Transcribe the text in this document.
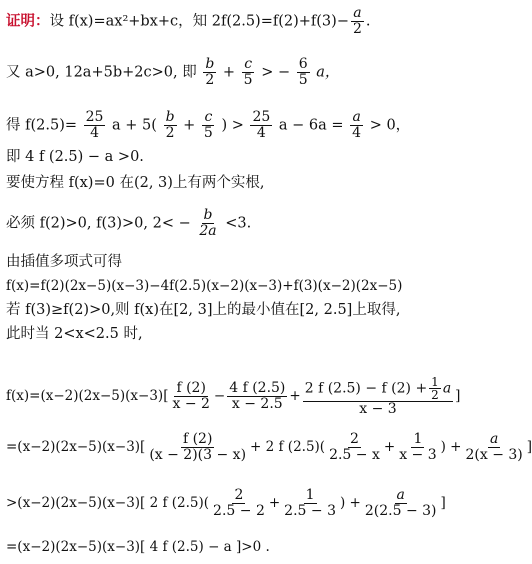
证明：设 f(x)=ax²+bx+c，知 $2f(2.5)=f(2)+f(3)- \frac{a}{2}$ .
又 a>0, 12a+5b+2c>0, 即 $\frac{b}{2} + \frac{c}{5}$ > − $\frac{6}{5}$ a，
得 $f(2.5)= \frac{25}{4}$ $a + 5( \frac{b}{2} + \frac{c}{5}$ ) > $\frac{25}{4}$ $a - 6a = \frac{a}{4} > 0$，
即 4 f (2.5) − a >0.
要使方程 f(x)=0 在(2, 3)上有两个实根,
必须 f(2)>0, f(3)>0, $2< - \frac{b}{2a} <3$.
由插值多项式可得
f(x)=f(2)(2x−5)(x−3)−4f(2.5)(x−2)(x−3)+f(3)(x−2)(2x−5)
若 f(3)≥f(2)>0,则 f(x)在[2, 3]上的最小值在[2, 2.5]上取得,
此时当 2<x<2.5 时,
$f(x)=(x-2)(2x-5)(x-3)[ \frac{f (2)}{x - 2} - \frac{4 f (2.5)}{x - 2.5} + \frac{2 f (2.5) - f (2) + \frac{1}{2} a}{x - 3}$ ]
$=(x-2)(2x-5)(x-3)[ \frac{f (2)}{(x - 2)(3 - x)} + 2$ f $(2.5)( \frac{2}{2.5 - x} + \frac{1}{x - 3}$ ) + $\frac{a}{2(x - 3)}$ ]
>(x−2)(2x−5)(x−3)[ 2 f $(2.5)( \frac{2}{2.5 - 2} + \frac{1}{2.5 - 3}$ ) + $\frac{a}{2(2.5 - 3)}$ ]
=(x−2)(2x−5)(x−3)[ 4 f (2.5) − a ]>0 .
